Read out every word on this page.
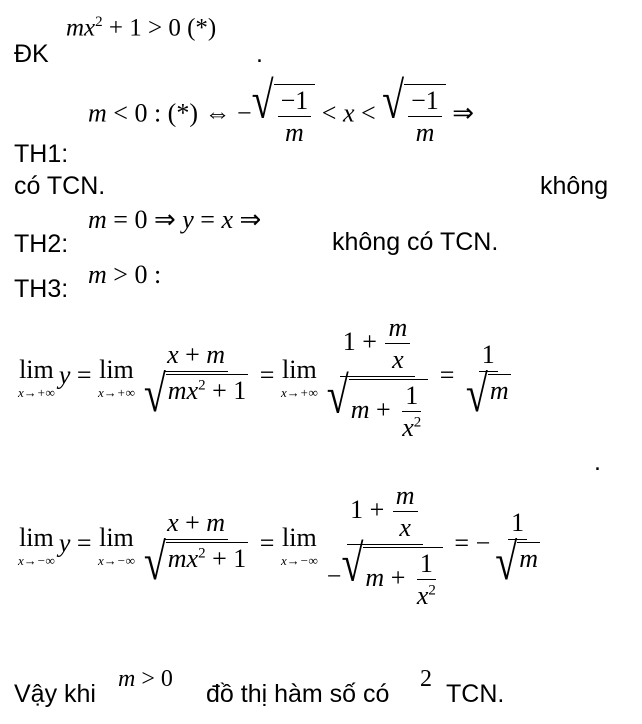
ĐK
$mx^2 + 1 > 0$ (*)
.
m < 0 : (*) ⇔ − √ $\frac{-1}{m} < x$ < √ $\frac{-1}{m}$ ⇒
TH1:
không
có TCN.
TH2:
m = 0 ⇒ y = x ⇒
không có TCN.
TH3: m > 0 :
lim
x→+∞
y = lim
$x\to+\infty \frac{x + m}{√ mx^2 + 1} = \lim$
$x\to+\infty \frac{1 + \frac{m}{x}}{√ m + \frac{1}{x^2}} = \frac{1}{√ m}$
.
lim
x→−∞
y = lim
$x\to-\infty \frac{x + m}{√ mx^2 + 1} = \lim$
$x\to-\infty \frac{1 + \frac{m}{x}}{- √ m + \frac{1}{x^2}}$ = − $\frac{1}{√ m}$
Vậy khi
m > 0
đồ thị hàm số có
2
TCN.
